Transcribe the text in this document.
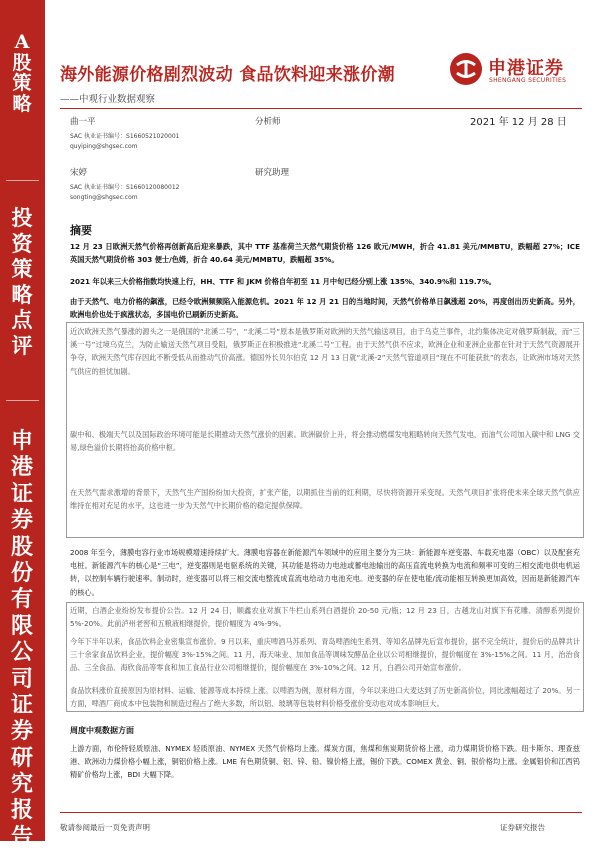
A股策略
投资策略点评
申港证券股份有限公司证券研究报告
海外能源价格剧烈波动 食品饮料迎来涨价潮
——中观行业数据观察
申港证券
SHENGANG SECURITIES
2021 年 12 月 28 日
曲一平	分析师
SAC 执业证书编号：S1660521020001
quyiping@shgsec.com
宋婷	研究助理
SAC 执业证书编号：S1660120080012
songting@shgsec.com
摘要

12 月 23 日欧洲天然气价格再创新高后迎来暴跌，其中 TTF 基准荷兰天然气期货价格 126 欧元/MWH，折合 41.81 美元/MMBTU，跌幅超 27%；ICE 英国天然气期货价格 303 便士/色姆，折合 40.64 美元/MMBTU，跌幅超 35%。

2021 年以来三大价格指数均快速上行，HH、TTF 和 JKM 价格自年初至 11 月中旬已经分别上涨 135%、340.9%和 119.7%。

由于天然气、电力价格的飙涨，已经令欧洲频频陷入能源危机。2021 年 12 月 21 日的当地时间，天然气价格单日飙涨超 20%，再度创出历史新高。另外，欧洲电价也处于疯涨状态，多国电价已刷新历史新高。

近次欧洲天然气暴涨的源头之一是俄国的“北溪二号”，“北溪二号”原本是俄罗斯对欧洲的天然气输送项目，由于乌克兰事件，北约集体决定对俄罗斯制裁，而“三溪一号”过境乌克兰，为防止输送天然气项目受阻，俄罗斯正在积极推进“北溪二号”工程。由于天然气供不应求，欧洲企业和亚洲企业都在针对于天然气资源展开争夺，欧洲天然气库存因此不断受低从而推动气价高涨。德国外长贝尔伯克 12 月 13 日就“北溪-2”天然气管道项目“现在不可能获批”的表态，让欧洲市场对天然气供应的担忧加剧。

碳中和、极端天气以及国际政治环境可能是长期推动天然气涨价的因素。欧洲碳价上升，将会推动燃煤发电粗略转向天然气发电，而油气公司加入碳中和 LNG 交易,绿色溢价长期将抬高价格中枢。

在天然气需求激增的背景下，天然气生产国纷纷加大投资，扩张产能，以期抓住当前的红利期，尽快将资源开采变现。天然气项目扩张将使未来全球天然气供应维持在相对充足的水平，这也进一步为天然气中长期价格的稳定提供保障。

2008 年至今，薄膜电容行业市场规模增速持续扩大。薄膜电容器在新能源汽车领域中的应用主要分为三块：新能源车逆变器、车载充电器（OBC）以及配套充电桩。新能源汽车的核心是“三电”，逆变器则是电驱系统的关键，其功能是将动力电池或蓄电池输出的高压直流电转换为电流和频率可变的三相交流电供电机运转，以控制车辆行驶速率。制动时，逆变器可以将三相交流电整流成直流电给动力电池充电。逆变器的存在使电能/流动能相互转换更加高效，因而是新能源汽车的核心。

近期，白酒企业纷纷发布提价公告。12 月 24 日，顺鑫农业对旗下牛栏山系列白酒提价 20-50 元/瓶；12 月 23 日，古越龙山对旗下有花雕、清醇系列提价 5%-20%。此前泸州老窖和五粮液相继提价，提价幅度为 4%-9%。

今年下半年以来，食品饮料企业密集宣布涨价。9 月以来，重庆啤酒马苏系列、青岛啤酒纯生系列、等知名品牌先后宣布提价，据不完全统计，提价后的品牌共计三十余家食品饮料企业，提价幅度 3%-15%之间。11 月，海天味业、加加食品等调味发酵品企业以公司相继提价，提价幅度在 3%-15%之间。11 月，治治食品、三全食品、海欣食品等零食和加工食品行业公司相继提价，提价幅度在 3%-10%之间。12 月，白酒公司开始宣布涨价。

食品饮料涨价直接原因为原材料、运输、能源等成本持续上涨。以啤酒为例，原材料方面，今年以来进口大麦达到了历史新高价位，同比涨幅超过了 20%。另一方面，啤酒厂商成本中包装物和制造过程占了绝大多数，所以铝、玻璃等包装材料价格受涨价变动也对成本影响巨大。

周度中观数据方面

上游方面，布伦特轻质原油、NYMEX 轻质原油、NYMEX 天然气价格均上涨。煤炭方面，焦煤和焦炭期货价格上涨，动力煤期货价格下跌。纽卡斯尔、理查兹港、欧洲动力煤价格小幅上涨，铜铝价格上涨。LME 有色期货铜、铝、锌、铅、镍价格上涨，锡价下跌。COMEX 黄金、铜、银价格均上涨。金属钼价和江西钨精矿价格均上涨，BDI 大幅下降。

敬请参阅最后一页免责声明	证券研究报告
